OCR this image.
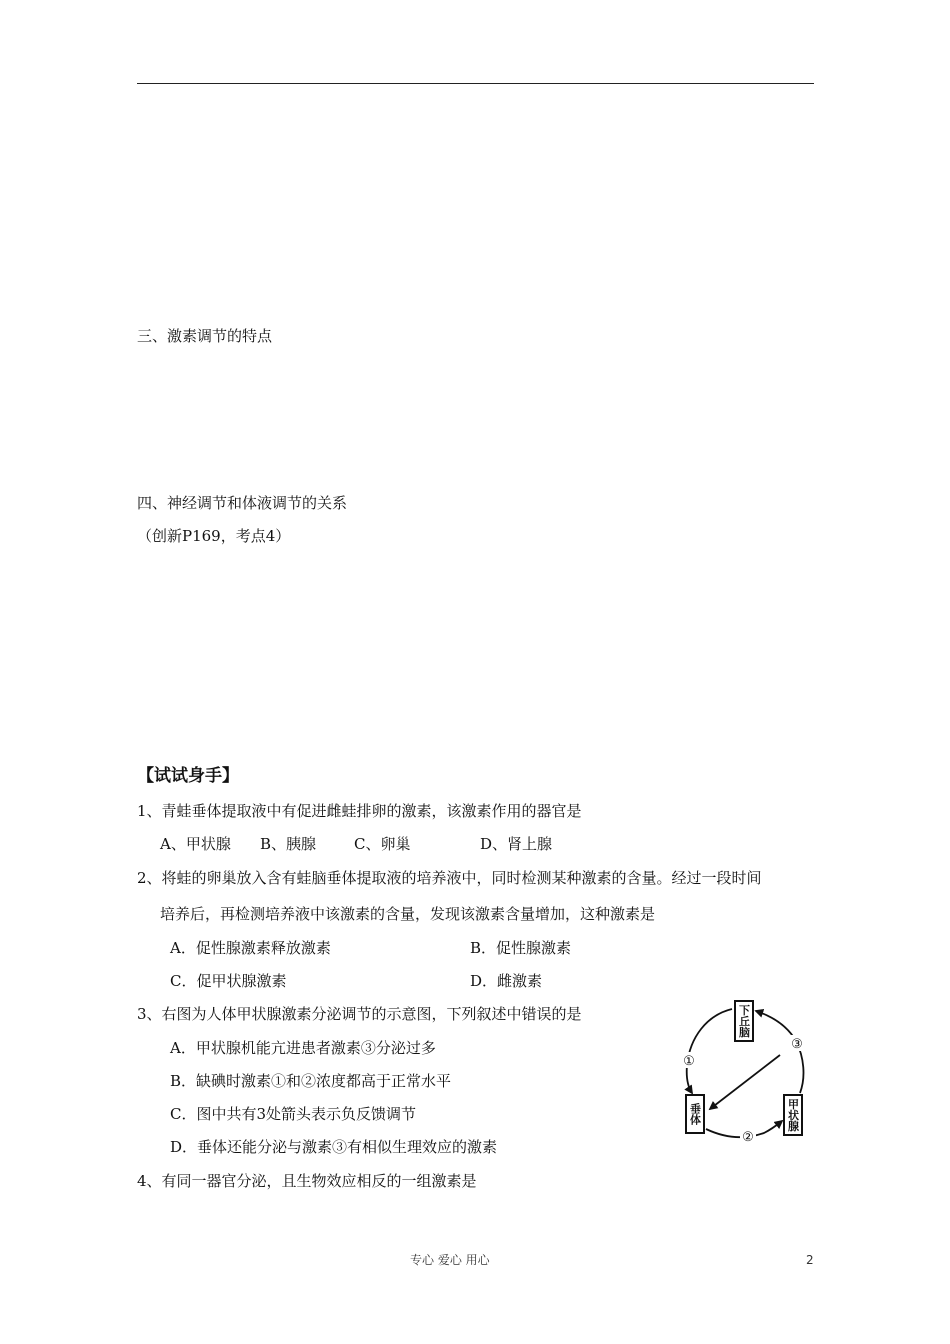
三、激素调节的特点
四、神经调节和体液调节的关系
（创新P169，考点4）
【试试身手】
1、青蛙垂体提取液中有促进雌蛙排卵的激素，该激素作用的器官是
A、甲状腺 B、胰腺	C、卵巢	D、肾上腺
2、将蛙的卵巢放入含有蛙脑垂体提取液的培养液中，同时检测某种激素的含量。经过一段时间
培养后，再检测培养液中该激素的含量，发现该激素含量增加，这种激素是
A．促性腺激素释放激素	B．促性腺激素
C．促甲状腺激素	D．雌激素
3、右图为人体甲状腺激素分泌调节的示意图，下列叙述中错误的是
A．甲状腺机能亢进患者激素③分泌过多
B．缺碘时激素①和②浓度都高于正常水平
C．图中共有3处箭头表示负反馈调节
D．垂体还能分泌与激素③有相似生理效应的激素
4、有同一器官分泌，且生物效应相反的一组激素是
下丘脑
垂体	甲状腺
①
②
③
专心 爱心 用心	2
